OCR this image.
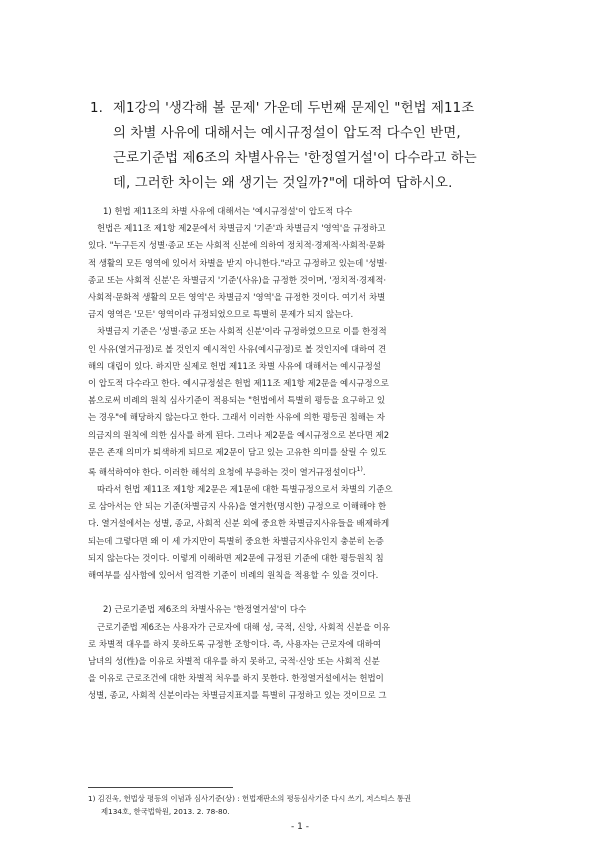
1. 제1강의 '생각해 볼 문제' 가운데 두번째 문제인 "헌법 제11조
의 차별 사유에 대해서는 예시규정설이 압도적 다수인 반면,
근로기준법 제6조의 차별사유는 '한정열거설'이 다수라고 하는
데, 그러한 차이는 왜 생기는 것일까?"에 대하여 답하시오.
1) 헌법 제11조의 차별 사유에 대해서는 '예시규정설'이 압도적 다수
헌법은 제11조 제1항 제2문에서 차별금지 '기준'과 차별금지 '영역'을 규정하고
있다. "누구든지 성별·종교 또는 사회적 신분에 의하여 정치적·경제적·사회적·문화
적 생활의 모든 영역에 있어서 차별을 받지 아니한다."라고 규정하고 있는데 '성별·
종교 또는 사회적 신분'은 차별금지 '기준'(사유)을 규정한 것이며, '정치적·경제적·
사회적·문화적 생활의 모든 영역'은 차별금지 '영역'을 규정한 것이다. 여기서 차별
금지 영역은 '모든' 영역이라 규정되었으므로 특별히 문제가 되지 않는다.
차별금지 기준은 '성별·종교 또는 사회적 신분'이라 규정하였으므로 이를 한정적
인 사유(열거규정)로 볼 것인지 예시적인 사유(예시규정)로 볼 것인지에 대하여 견
해의 대립이 있다. 하지만 실제로 헌법 제11조 차별 사유에 대해서는 예시규정설
이 압도적 다수라고 한다. 예시규정설은 헌법 제11조 제1항 제2문을 예시규정으로
봄으로써 비례의 원칙 심사기준이 적용되는 "헌법에서 특별히 평등을 요구하고 있
는 경우"에 해당하지 않는다고 한다. 그래서 이러한 사유에 의한 평등권 침해는 자
의금지의 원칙에 의한 심사를 하게 된다. 그러나 제2문을 예시규정으로 본다면 제2
문은 존재 의미가 퇴색하게 되므로 제2문이 담고 있는 고유한 의미를 살릴 수 있도
록 해석하여야 한다. 이러한 해석의 요청에 부응하는 것이 열거규정설이다$^{1)}$.
따라서 헌법 제11조 제1항 제2문은 제1문에 대한 특별규정으로서 차별의 기준으
로 삼아서는 안 되는 기준(차별금지 사유)을 열거한(명시한) 규정으로 이해해야 한
다. 열거설에서는 성별, 종교, 사회적 신분 외에 중요한 차별금지사유들을 배제하게
되는데 그렇다면 왜 이 세 가지만이 특별히 중요한 차별금지사유인지 충분히 논증
되지 않는다는 것이다. 이렇게 이해하면 제2문에 규정된 기준에 대한 평등원칙 침
해여부를 심사함에 있어서 엄격한 기준이 비례의 원칙을 적용할 수 있을 것이다.
2) 근로기준법 제6조의 차별사유는 '한정열거설'이 다수
근로기준법 제6조는 사용자가 근로자에 대해 성, 국적, 신앙, 사회적 신분을 이유
로 차별적 대우를 하지 못하도록 규정한 조항이다. 즉, 사용자는 근로자에 대하여
남녀의 성(性)을 이유로 차별적 대우를 하지 못하고, 국적·신앙 또는 사회적 신분
을 이유로 근로조건에 대한 차별적 처우를 하지 못한다. 한정열거설에서는 헌법이
성별, 종교, 사회적 신분이라는 차별금지표지를 특별히 규정하고 있는 것이므로 그
1) 김진욱, 헌법상 평등의 이념과 심사기준(상) : 헌법재판소의 평등심사기준 다시 쓰기, 저스티스 통권
제134호, 한국법학원, 2013. 2. 78-80.
- 1 -
